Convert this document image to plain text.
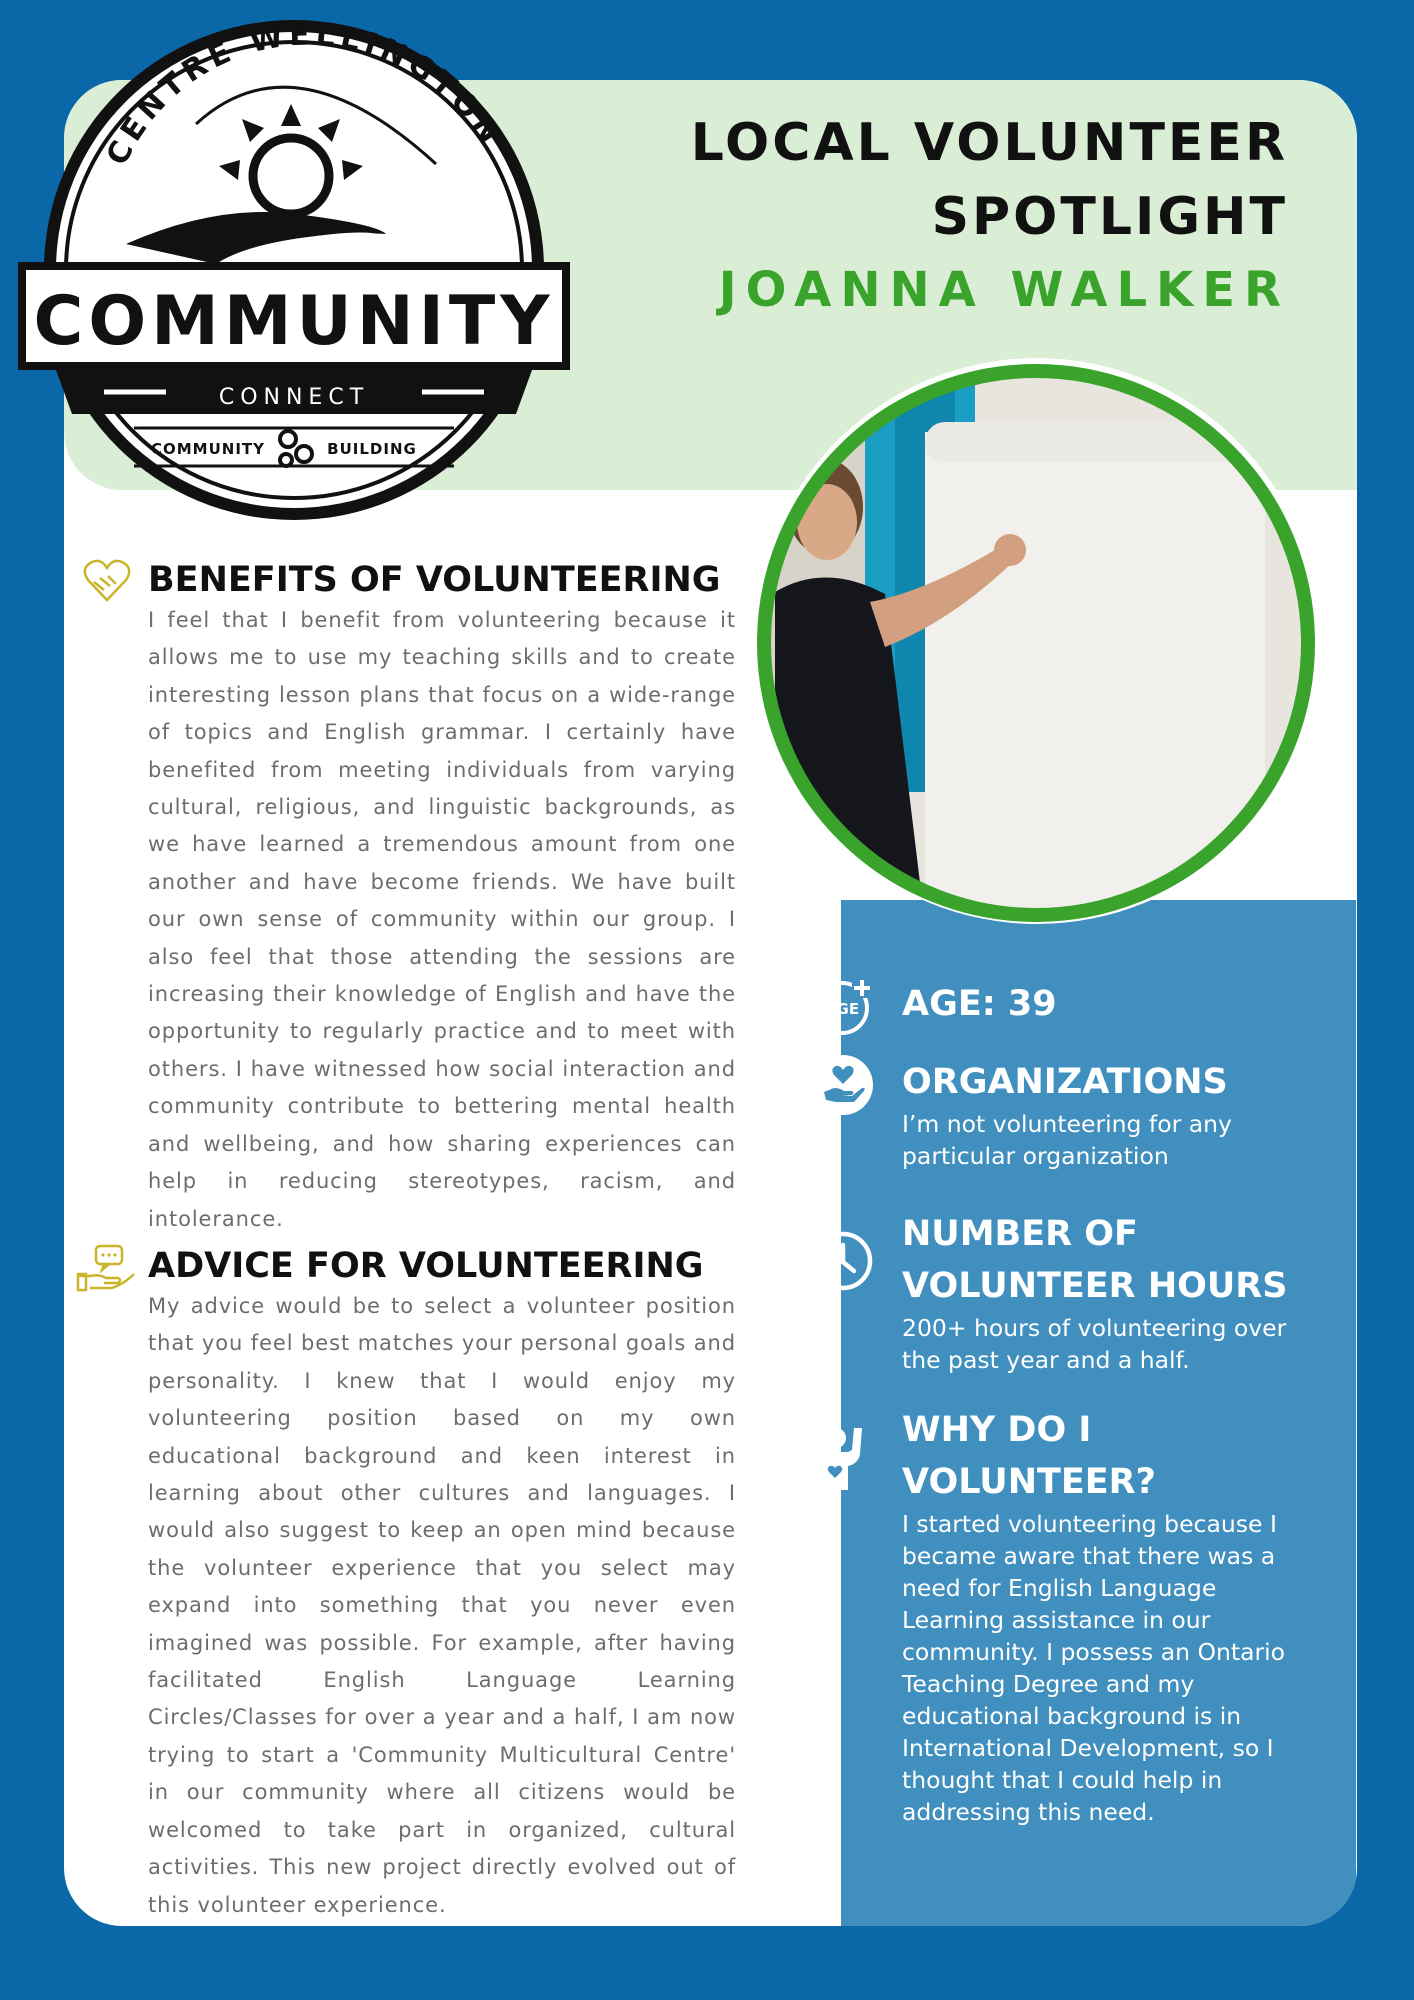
CENTRE WELLINGTON
COMMUNITY
CONNECT
COMMUNITY	BUILDING
LOCAL VOLUNTEER
SPOTLIGHT
JOANNA WALKER
BENEFITS OF VOLUNTEERING

I feel that I benefit from volunteering because it allows me to use my teaching skills and to create interesting lesson plans that focus on a wide-range of topics and English grammar. I certainly have benefited from meeting individuals from varying cultural, religious, and linguistic backgrounds, as we have learned a tremendous amount from one another and have become friends. We have built our own sense of community within our group. I also feel that those attending the sessions are increasing their knowledge of English and have the opportunity to regularly practice and to meet with others. I have witnessed how social interaction and community contribute to bettering mental health and wellbeing, and how sharing experiences can help in reducing stereotypes, racism, and intolerance.

ADVICE FOR VOLUNTEERING

My advice would be to select a volunteer position that you feel best matches your personal goals and personality. I knew that I would enjoy my volunteering position based on my own educational background and keen interest in learning about other cultures and languages. I would also suggest to keep an open mind because the volunteer experience that you select may expand into something that you never even imagined was possible. For example, after having facilitated English Language Learning Circles/Classes for over a year and a half, I am now trying to start a 'Community Multicultural Centre' in our community where all citizens would be welcomed to take part in organized, cultural activities. This new project directly evolved out of this volunteer experience.

AGE AGE: 39
ORGANIZATIONS

I’m not volunteering for any particular organization

NUMBER OF
VOLUNTEER HOURS

200+ hours of volunteering over the past year and a half.

WHY DO I
VOLUNTEER?

I started volunteering because I became aware that there was a need for English Language Learning assistance in our community. I possess an Ontario Teaching Degree and my educational background is in International Development, so I thought that I could help in addressing this need.
